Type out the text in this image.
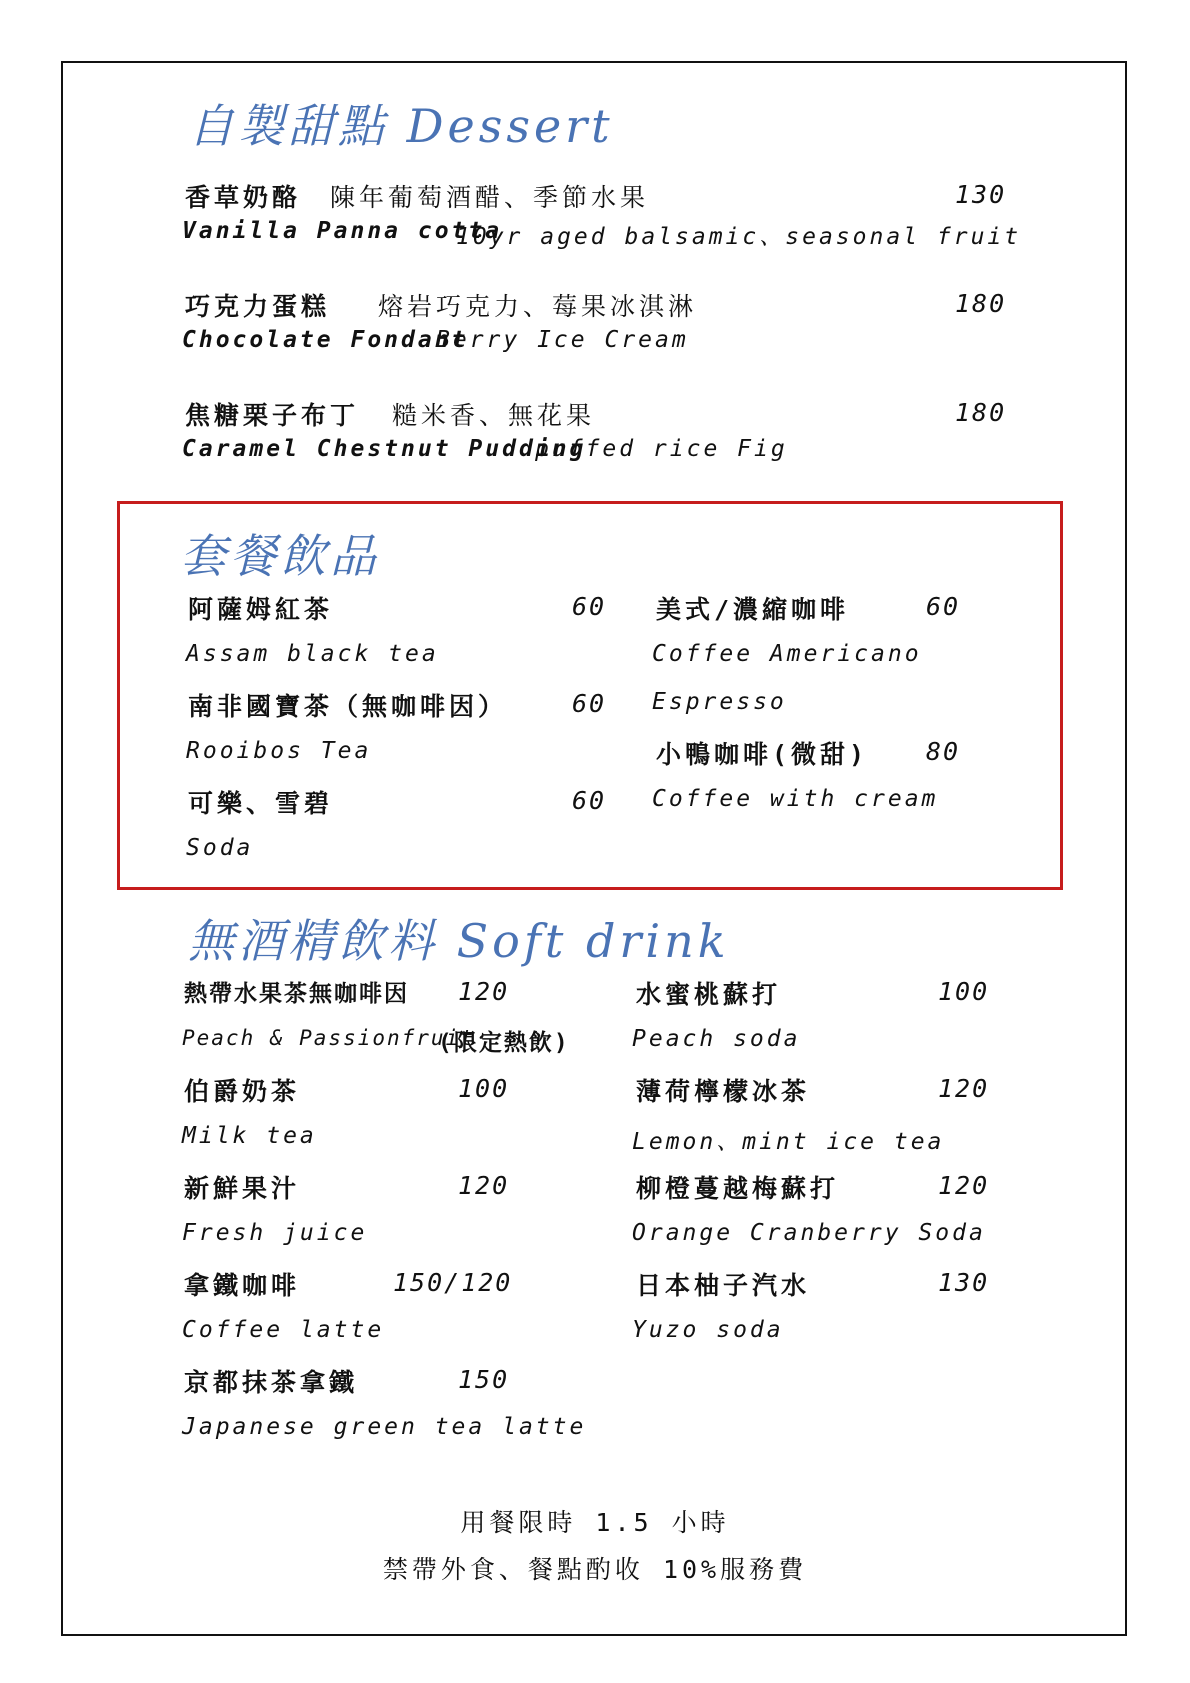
自製甜點 Dessert
香草奶酪 陳年葡萄酒醋、季節水果	130
Vanilla Panna cotta
10yr aged balsamic、seasonal fruit
巧克力蛋糕 熔岩巧克力、莓果冰淇淋	180
Chocolate Fondant
Berry Ice Cream
焦糖栗子布丁 糙米香、無花果	180
Caramel Chestnut Pudding
puffed rice Fig
套餐飲品
阿薩姆紅茶	60
Assam black tea
南非國寶茶（無咖啡因）	60
Rooibos Tea
可樂、雪碧	60
Soda
美式/濃縮咖啡	60
Coffee Americano
Espresso
小鴨咖啡(微甜) 80
Coffee with cream
無酒精飲料 Soft drink
熱帶水果茶無咖啡因 120
Peach & Passionfruit
(限定熱飲)
伯爵奶茶	100
Milk tea
新鮮果汁	120
Fresh juice
拿鐵咖啡	150/120
Coffee latte
京都抹茶拿鐵	150
Japanese green tea latte
水蜜桃蘇打	100
Peach soda
薄荷檸檬冰茶	120
Lemon、mint ice tea
柳橙蔓越梅蘇打	120
Orange Cranberry Soda
日本柚子汽水	130
Yuzo soda
用餐限時 1.5 小時
禁帶外食、餐點酌收 10%服務費
